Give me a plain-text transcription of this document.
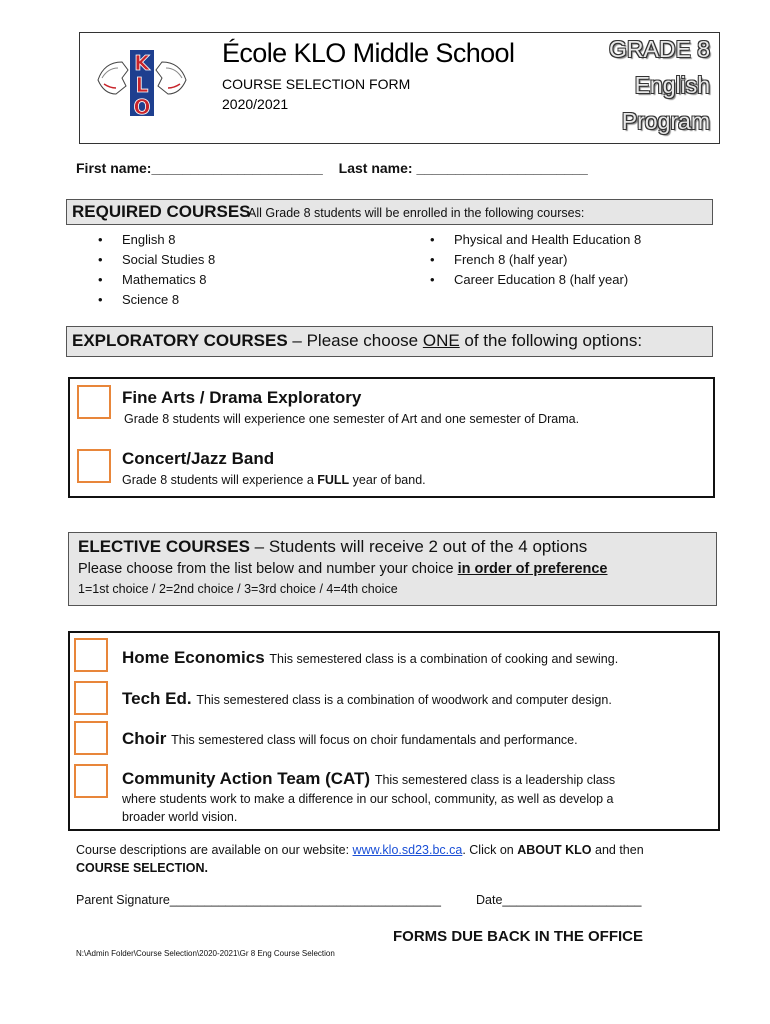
K
L
O
École KLO Middle School
COURSE SELECTION FORM
2020/2021
GRADE 8
English
Program
First name:______________________ Last name: ______________________
REQUIRED COURSES
All Grade 8 students will be enrolled in the following courses:
• English 8
• Social Studies 8
• Mathematics 8
• Science 8
• Physical and Health Education 8
• French 8 (half year)
• Career Education 8 (half year)
EXPLORATORY COURSES – Please choose ONE of the following options:
Fine Arts / Drama Exploratory
Grade 8 students will experience one semester of Art and one semester of Drama.
Concert/Jazz Band
Grade 8 students will experience a FULL year of band.
ELECTIVE COURSES – Students will receive 2 out of the 4 options
Please choose from the list below and number your choice in order of preference
1=1st choice / 2=2nd choice / 3=3rd choice / 4=4th choice
Home Economics This semestered class is a combination of cooking and sewing.
Tech Ed. This semestered class is a combination of woodwork and computer design.
Choir This semestered class will focus on choir fundamentals and performance.
Community Action Team (CAT) This semestered class is a leadership class
where students work to make a difference in our school, community, as well as develop a
broader world vision.
Course descriptions are available on our website: www.klo.sd23.bc.ca. Click on ABOUT KLO and then
COURSE SELECTION.
Parent Signature_______________________________________	Date____________________
FORMS DUE BACK IN THE OFFICE
N:\Admin Folder\Course Selection\2020-2021\Gr 8 Eng Course Selection
